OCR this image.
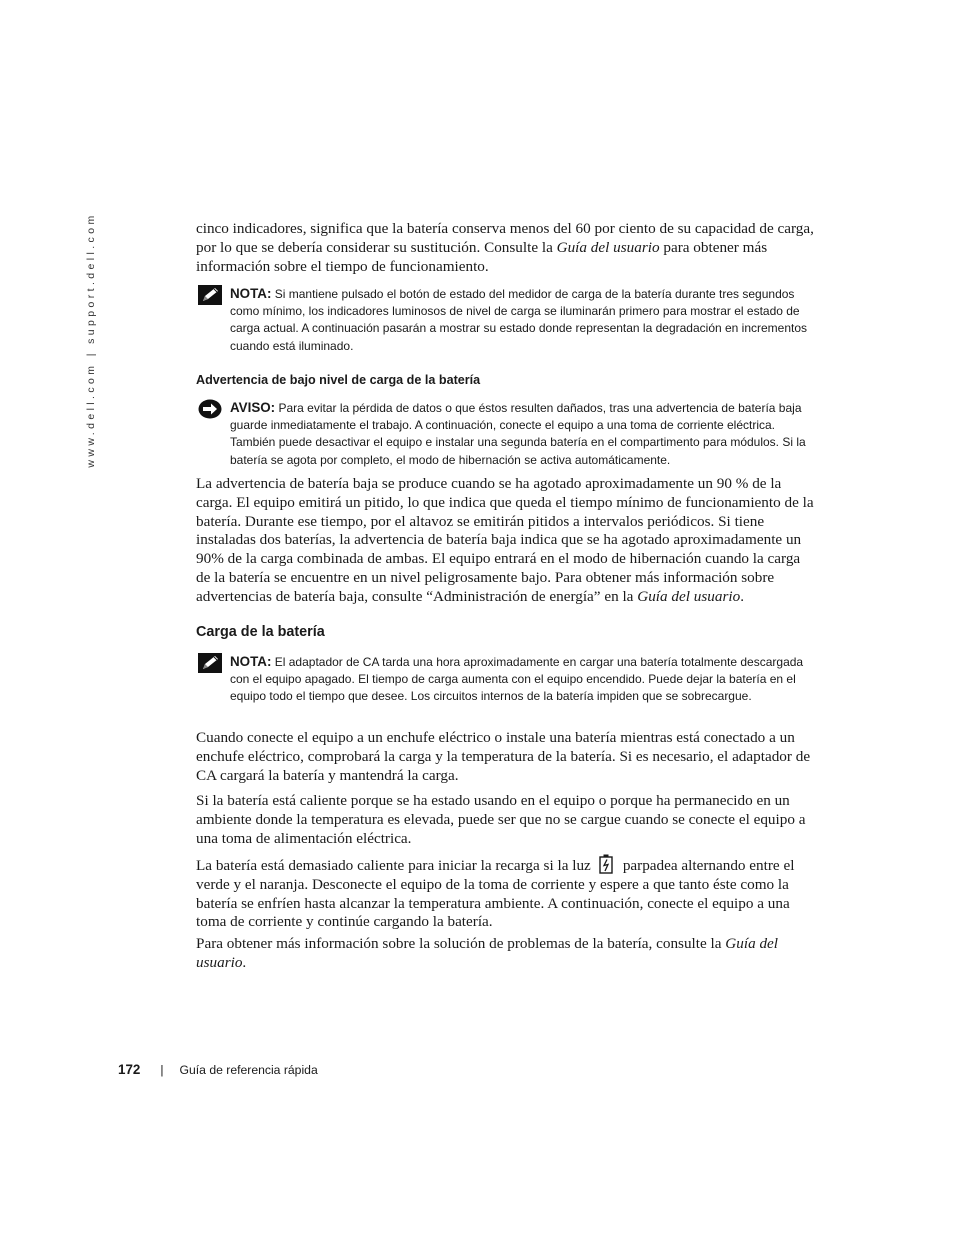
www.dell.com | support.dell.com	cinco indicadores, significa que la batería conserva menos del 60 por ciento de su capacidad de carga, por lo que se debería considerar su sustitución. Consulte la Guía del usuario para obtener más información sobre el tiempo de funcionamiento.

NOTA: Si mantiene pulsado el botón de estado del medidor de carga de la batería durante tres segundos como mínimo, los indicadores luminosos de nivel de carga se iluminarán primero para mostrar el estado de carga actual. A continuación pasarán a mostrar su estado donde representan la degradación en incrementos cuando está iluminado.
Advertencia de bajo nivel de carga de la batería
AVISO: Para evitar la pérdida de datos o que éstos resulten dañados, tras una advertencia de batería baja guarde inmediatamente el trabajo. A continuación, conecte el equipo a una toma de corriente eléctrica. También puede desactivar el equipo e instalar una segunda batería en el compartimento para módulos. Si la batería se agota por completo, el modo de hibernación se activa automáticamente.

La advertencia de batería baja se produce cuando se ha agotado aproximadamente un 90 % de la carga. El equipo emitirá un pitido, lo que indica que queda el tiempo mínimo de funcionamiento de la batería. Durante ese tiempo, por el altavoz se emitirán pitidos a intervalos periódicos. Si tiene instaladas dos baterías, la advertencia de batería baja indica que se ha agotado aproximadamente un 90% de la carga combinada de ambas. El equipo entrará en el modo de hibernación cuando la carga de la batería se encuentre en un nivel peligrosamente bajo. Para obtener más información sobre advertencias de batería baja, consulte “Administración de energía” en la Guía del usuario.

Carga de la batería
NOTA: El adaptador de CA tarda una hora aproximadamente en cargar una batería totalmente descargada con el equipo apagado. El tiempo de carga aumenta con el equipo encendido. Puede dejar la batería en el equipo todo el tiempo que desee. Los circuitos internos de la batería impiden que se sobrecargue.

Cuando conecte el equipo a un enchufe eléctrico o instale una batería mientras está conectado a un enchufe eléctrico, comprobará la carga y la temperatura de la batería. Si es necesario, el adaptador de CA cargará la batería y mantendrá la carga.

Si la batería está caliente porque se ha estado usando en el equipo o porque ha permanecido en un ambiente donde la temperatura es elevada, puede ser que no se cargue cuando se conecte el equipo a una toma de alimentación eléctrica.

La batería está demasiado caliente para iniciar la recarga si la luz parpadea alternando entre el verde y el naranja. Desconecte el equipo de la toma de corriente y espere a que tanto éste como la batería se enfríen hasta alcanzar la temperatura ambiente. A continuación, conecte el equipo a una toma de corriente y continúe cargando la batería.

Para obtener más información sobre la solución de problemas de la batería, consulte la Guía del usuario.

172 | Guía de referencia rápida
